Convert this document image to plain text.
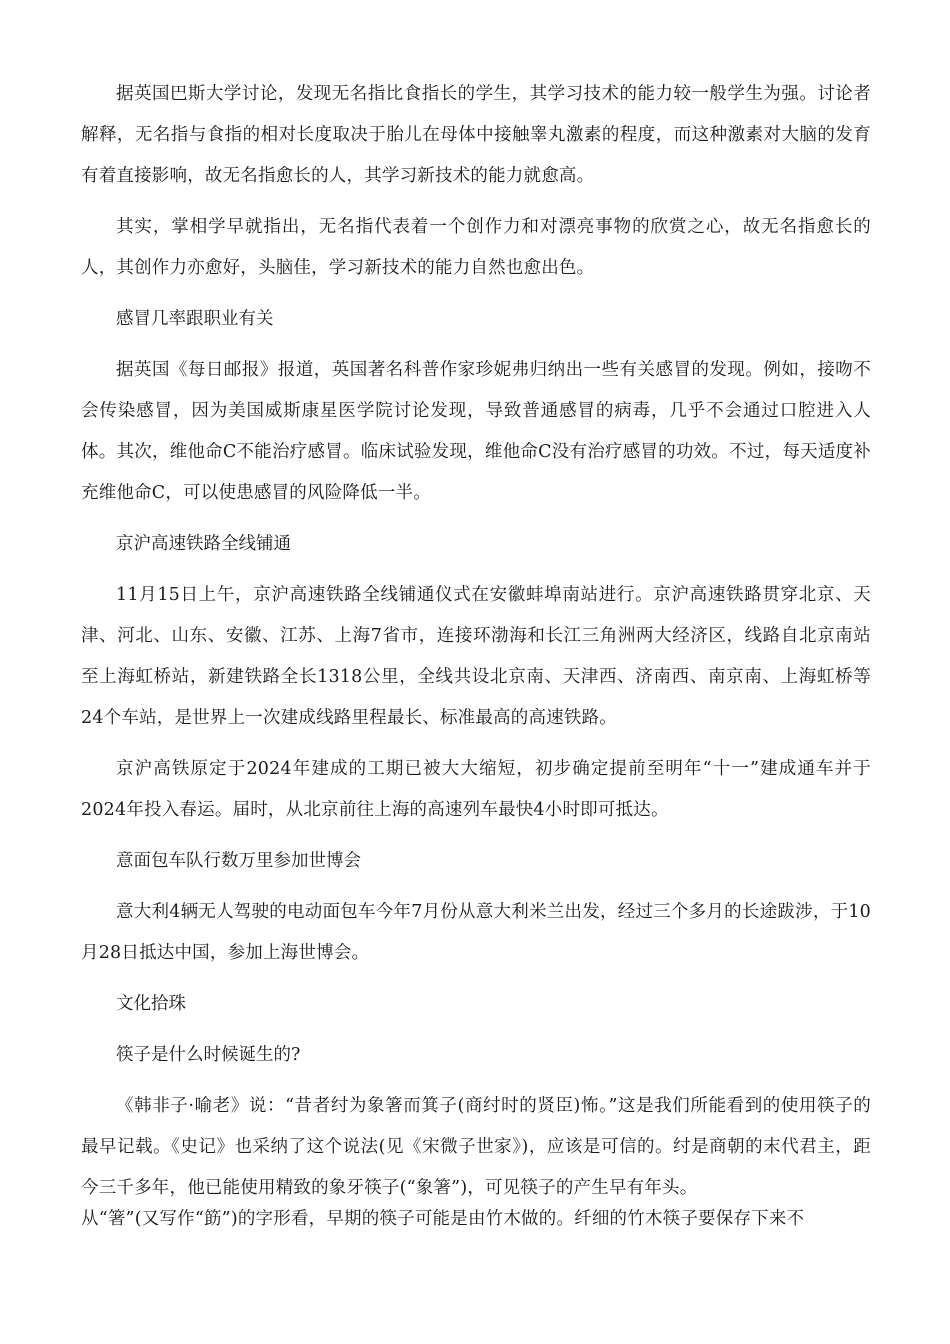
据英国巴斯大学讨论，发现无名指比食指长的学生，其学习技术的能力较一般学生为强。讨论者解释，无名指与食指的相对长度取决于胎儿在母体中接触睾丸激素的程度，而这种激素对大脑的发育有着直接影响，故无名指愈长的人，其学习新技术的能力就愈高。

其实，掌相学早就指出，无名指代表着一个创作力和对漂亮事物的欣赏之心，故无名指愈长的人，其创作力亦愈好，头脑佳，学习新技术的能力自然也愈出色。

感冒几率跟职业有关

据英国《每日邮报》报道，英国著名科普作家珍妮弗归纳出一些有关感冒的发现。例如，接吻不会传染感冒，因为美国威斯康星医学院讨论发现，导致普通感冒的病毒，几乎不会通过口腔进入人体。其次，维他命C不能治疗感冒。临床试验发现，维他命C没有治疗感冒的功效。不过，每天适度补充维他命C，可以使患感冒的风险降低一半。

京沪高速铁路全线铺通

11月15日上午，京沪高速铁路全线铺通仪式在安徽蚌埠南站进行。京沪高速铁路贯穿北京、天津、河北、山东、安徽、江苏、上海7省市，连接环渤海和长江三角洲两大经济区，线路自北京南站至上海虹桥站，新建铁路全长1318公里，全线共设北京南、天津西、济南西、南京南、上海虹桥等24个车站，是世界上一次建成线路里程最长、标准最高的高速铁路。

京沪高铁原定于2024年建成的工期已被大大缩短，初步确定提前至明年“十一”建成通车并于2024年投入春运。届时，从北京前往上海的高速列车最快4小时即可抵达。

意面包车队行数万里参加世博会

意大利4辆无人驾驶的电动面包车今年7月份从意大利米兰出发，经过三个多月的长途跋涉，于10月28日抵达中国，参加上海世博会。

文化拾珠

筷子是什么时候诞生的?

《韩非子·喻老》说：“昔者纣为象箸而箕子(商纣时的贤臣)怖。”这是我们所能看到的使用筷子的最早记载。《史记》也采纳了这个说法(见《宋微子世家》)，应该是可信的。纣是商朝的末代君主，距今三千多年，他已能使用精致的象牙筷子(“象箸”)，可见筷子的产生早有年头。

从“箸”(又写作“筯”)的字形看，早期的筷子可能是由竹木做的。纤细的竹木筷子要保存下来不
